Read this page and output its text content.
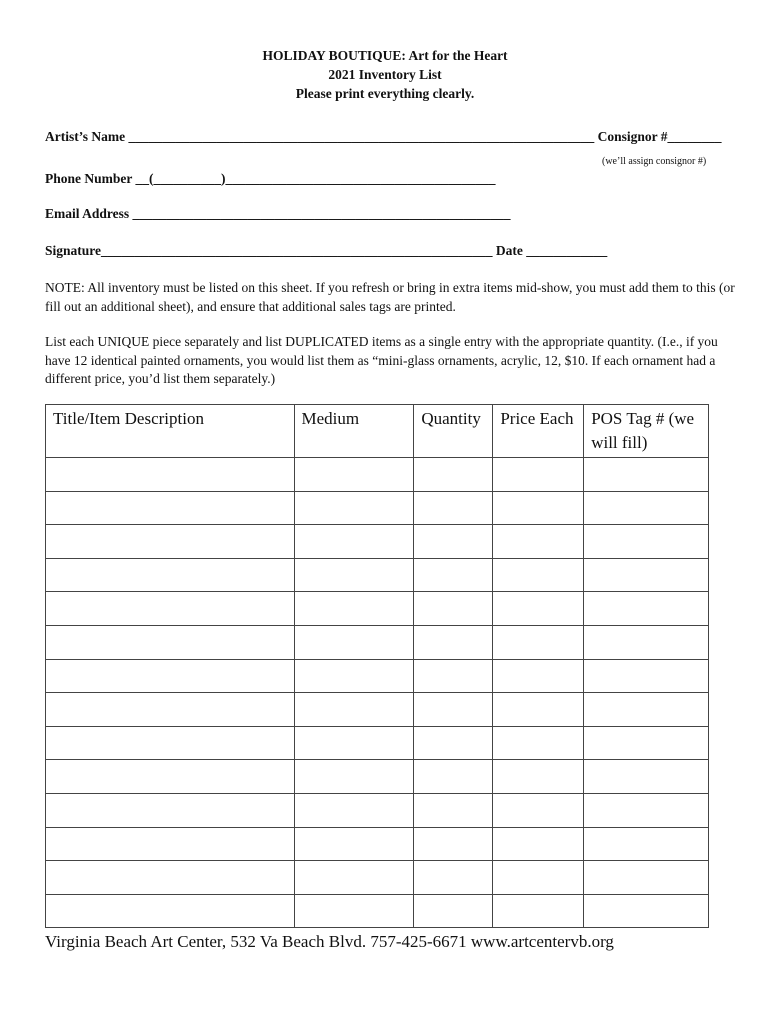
HOLIDAY BOUTIQUE: Art for the Heart
2021 Inventory List
Please print everything clearly.
Artist’s Name _____________________________________________________________________ Consignor #________
(we’ll assign consignor #)
Phone Number __(__________)________________________________________
Email Address ________________________________________________________
Signature__________________________________________________________ Date ____________
NOTE: All inventory must be listed on this sheet. If you refresh or bring in extra items mid-show, you must add them to this (or fill out an additional sheet), and ensure that additional sales tags are printed.
List each UNIQUE piece separately and list DUPLICATED items as a single entry with the appropriate quantity. (I.e., if you have 12 identical painted ornaments, you would list them as “mini-glass ornaments, acrylic, 12, $10. If each ornament had a different price, you’d list them separately.)
Title/Item Description	Medium	Quantity	Price Each	POS Tag # (we will fill)

Virginia Beach Art Center, 532 Va Beach Blvd. 757-425-6671 www.artcentervb.org
